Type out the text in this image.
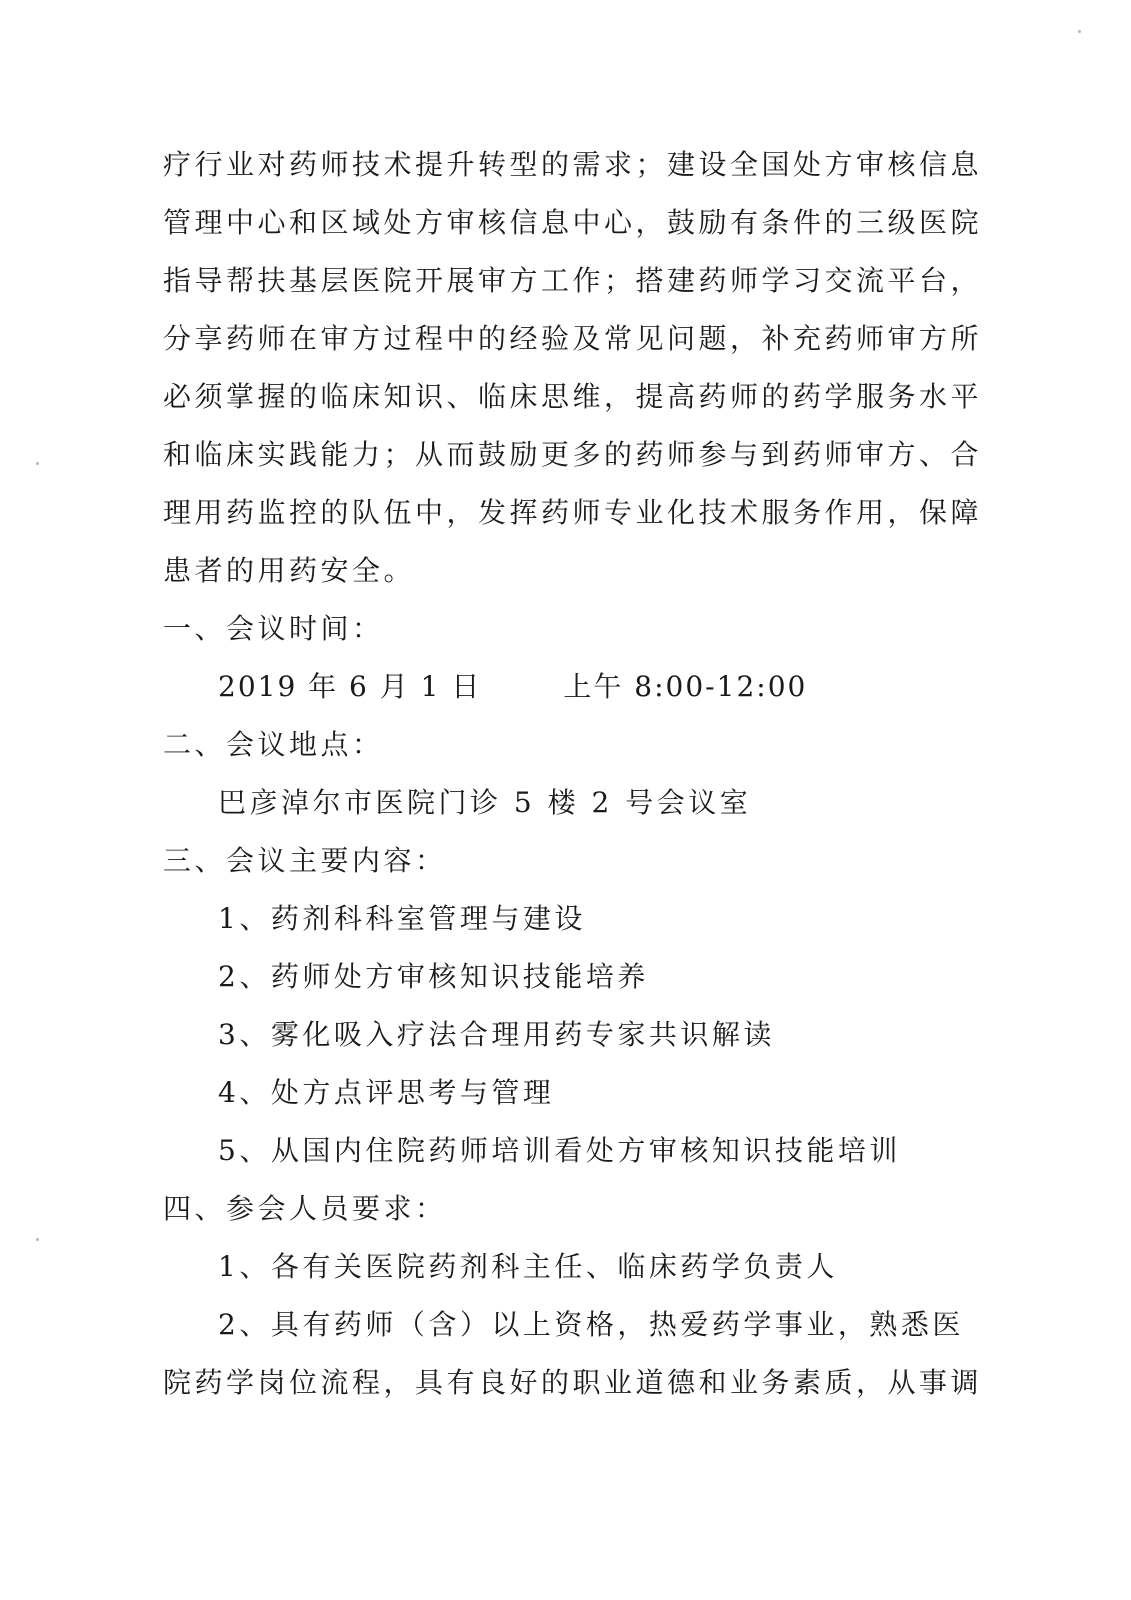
疗行业对药师技术提升转型的需求；建设全国处方审核信息
管理中心和区域处方审核信息中心，鼓励有条件的三级医院
指导帮扶基层医院开展审方工作；搭建药师学习交流平台，
分享药师在审方过程中的经验及常见问题，补充药师审方所
必须掌握的临床知识、临床思维，提高药师的药学服务水平
和临床实践能力；从而鼓励更多的药师参与到药师审方、合
理用药监控的队伍中，发挥药师专业化技术服务作用，保障
患者的用药安全。
一、会议时间：
2019 年 6 月 1 日	上午 8:00-12:00
二、会议地点：
巴彦淖尔市医院门诊 5 楼 2 号会议室
三、会议主要内容：
1、药剂科科室管理与建设
2、药师处方审核知识技能培养
3、雾化吸入疗法合理用药专家共识解读
4、处方点评思考与管理
5、从国内住院药师培训看处方审核知识技能培训
四、参会人员要求：
1、各有关医院药剂科主任、临床药学负责人
2、具有药师（含）以上资格，热爱药学事业，熟悉医
院药学岗位流程，具有良好的职业道德和业务素质，从事调
